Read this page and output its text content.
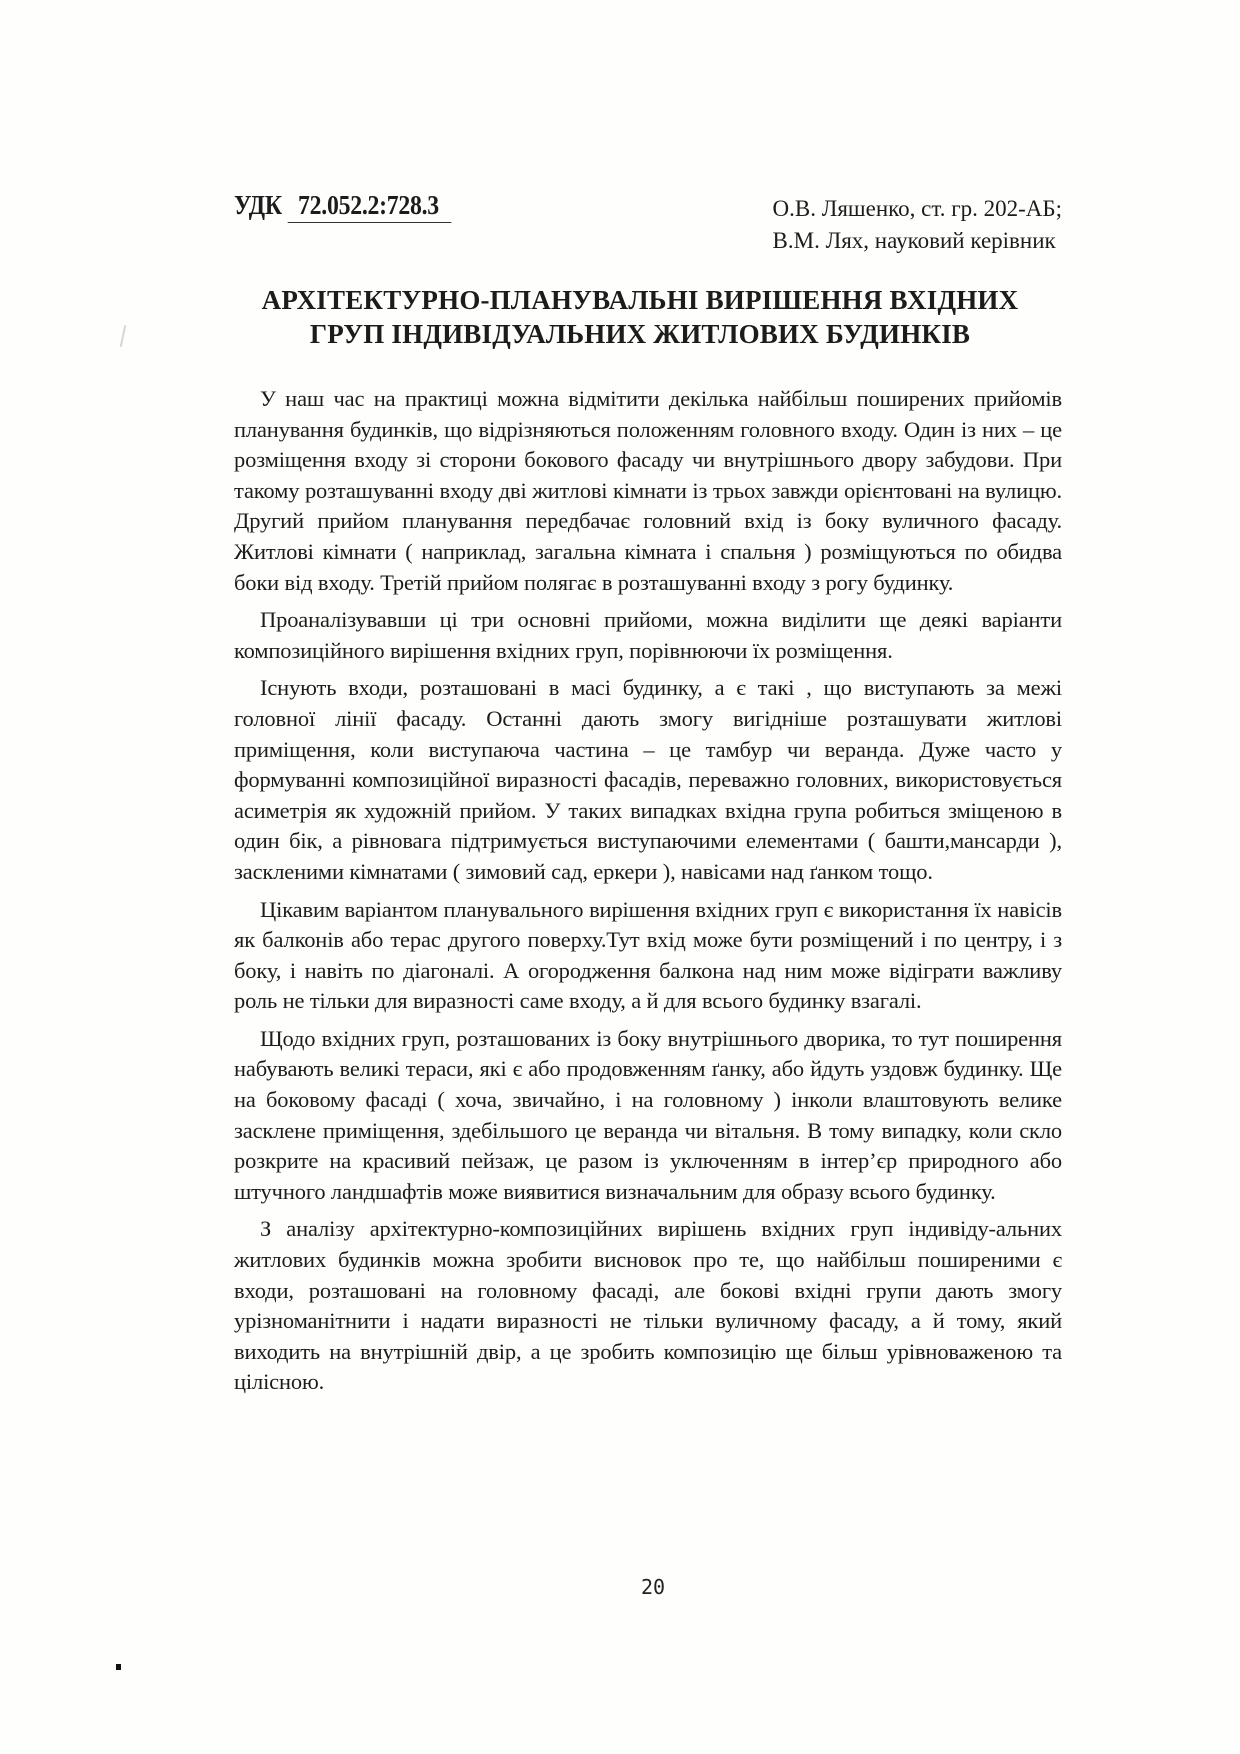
УДК 72.052.2:728.3	О.В. Ляшенко, ст. гр. 202-АБ;
В.М. Лях, науковий керівник
АРХІТЕКТУРНО-ПЛАНУВАЛЬНІ ВИРІШЕННЯ ВХІДНИХ
ГРУП ІНДИВІДУАЛЬНИХ ЖИТЛОВИХ БУДИНКІВ

У наш час на практиці можна відмітити декілька найбільш поширених прийомів планування будинків, що відрізняються положенням головного входу. Один із них – це розміщення входу зі сторони бокового фасаду чи внутрішнього двору забудови. При такому розташуванні входу дві житлові кімнати із трьох завжди орієнтовані на вулицю. Другий прийом планування передбачає головний вхід із боку вуличного фасаду. Житлові кімнати ( наприклад, загальна кімната і спальня ) розміщуються по обидва боки від входу. Третій прийом полягає в розташуванні входу з рогу будинку.

Проаналізувавши ці три основні прийоми, можна виділити ще деякі варіанти композиційного вирішення вхідних груп, порівнюючи їх розміщення.

Існують входи, розташовані в масі будинку, а є такі , що виступають за межі головної лінії фасаду. Останні дають змогу вигідніше розташувати житлові приміщення, коли виступаюча частина – це тамбур чи веранда. Дуже часто у формуванні композиційної виразності фасадів, переважно головних, використовується асиметрія як художній прийом. У таких випадках вхідна група робиться зміщеною в один бік, а рівновага підтримується виступаючими елементами ( башти,мансарди ), заскленими кімнатами ( зимовий сад, еркери ), навісами над ґанком тощо.

Цікавим варіантом планувального вирішення вхідних груп є використання їх навісів як балконів або терас другого поверху.Тут вхід може бути розміщений і по центру, і з боку, і навіть по діагоналі. А огородження балкона над ним може відіграти важливу роль не тільки для виразності саме входу, а й для всього будинку взагалі.

Щодо вхідних груп, розташованих із боку внутрішнього дворика, то тут поширення набувають великі тераси, які є або продовженням ґанку, або йдуть уздовж будинку. Ще на боковому фасаді ( хоча, звичайно, і на головному ) інколи влаштовують велике засклене приміщення, здебільшого це веранда чи вітальня. В тому випадку, коли скло розкрите на красивий пейзаж, це разом із уключенням в інтер’єр природного або штучного ландшафтів може виявитися визначальним для образу всього будинку.

З аналізу архітектурно-композиційних вирішень вхідних груп індивіду-альних житлових будинків можна зробити висновок про те, що найбільш поширеними є входи, розташовані на головному фасаді, але бокові вхідні групи дають змогу урізноманітнити і надати виразності не тільки вуличному фасаду, а й тому, який виходить на внутрішній двір, а це зробить композицію ще більш урівноваженою та цілісною.

20
